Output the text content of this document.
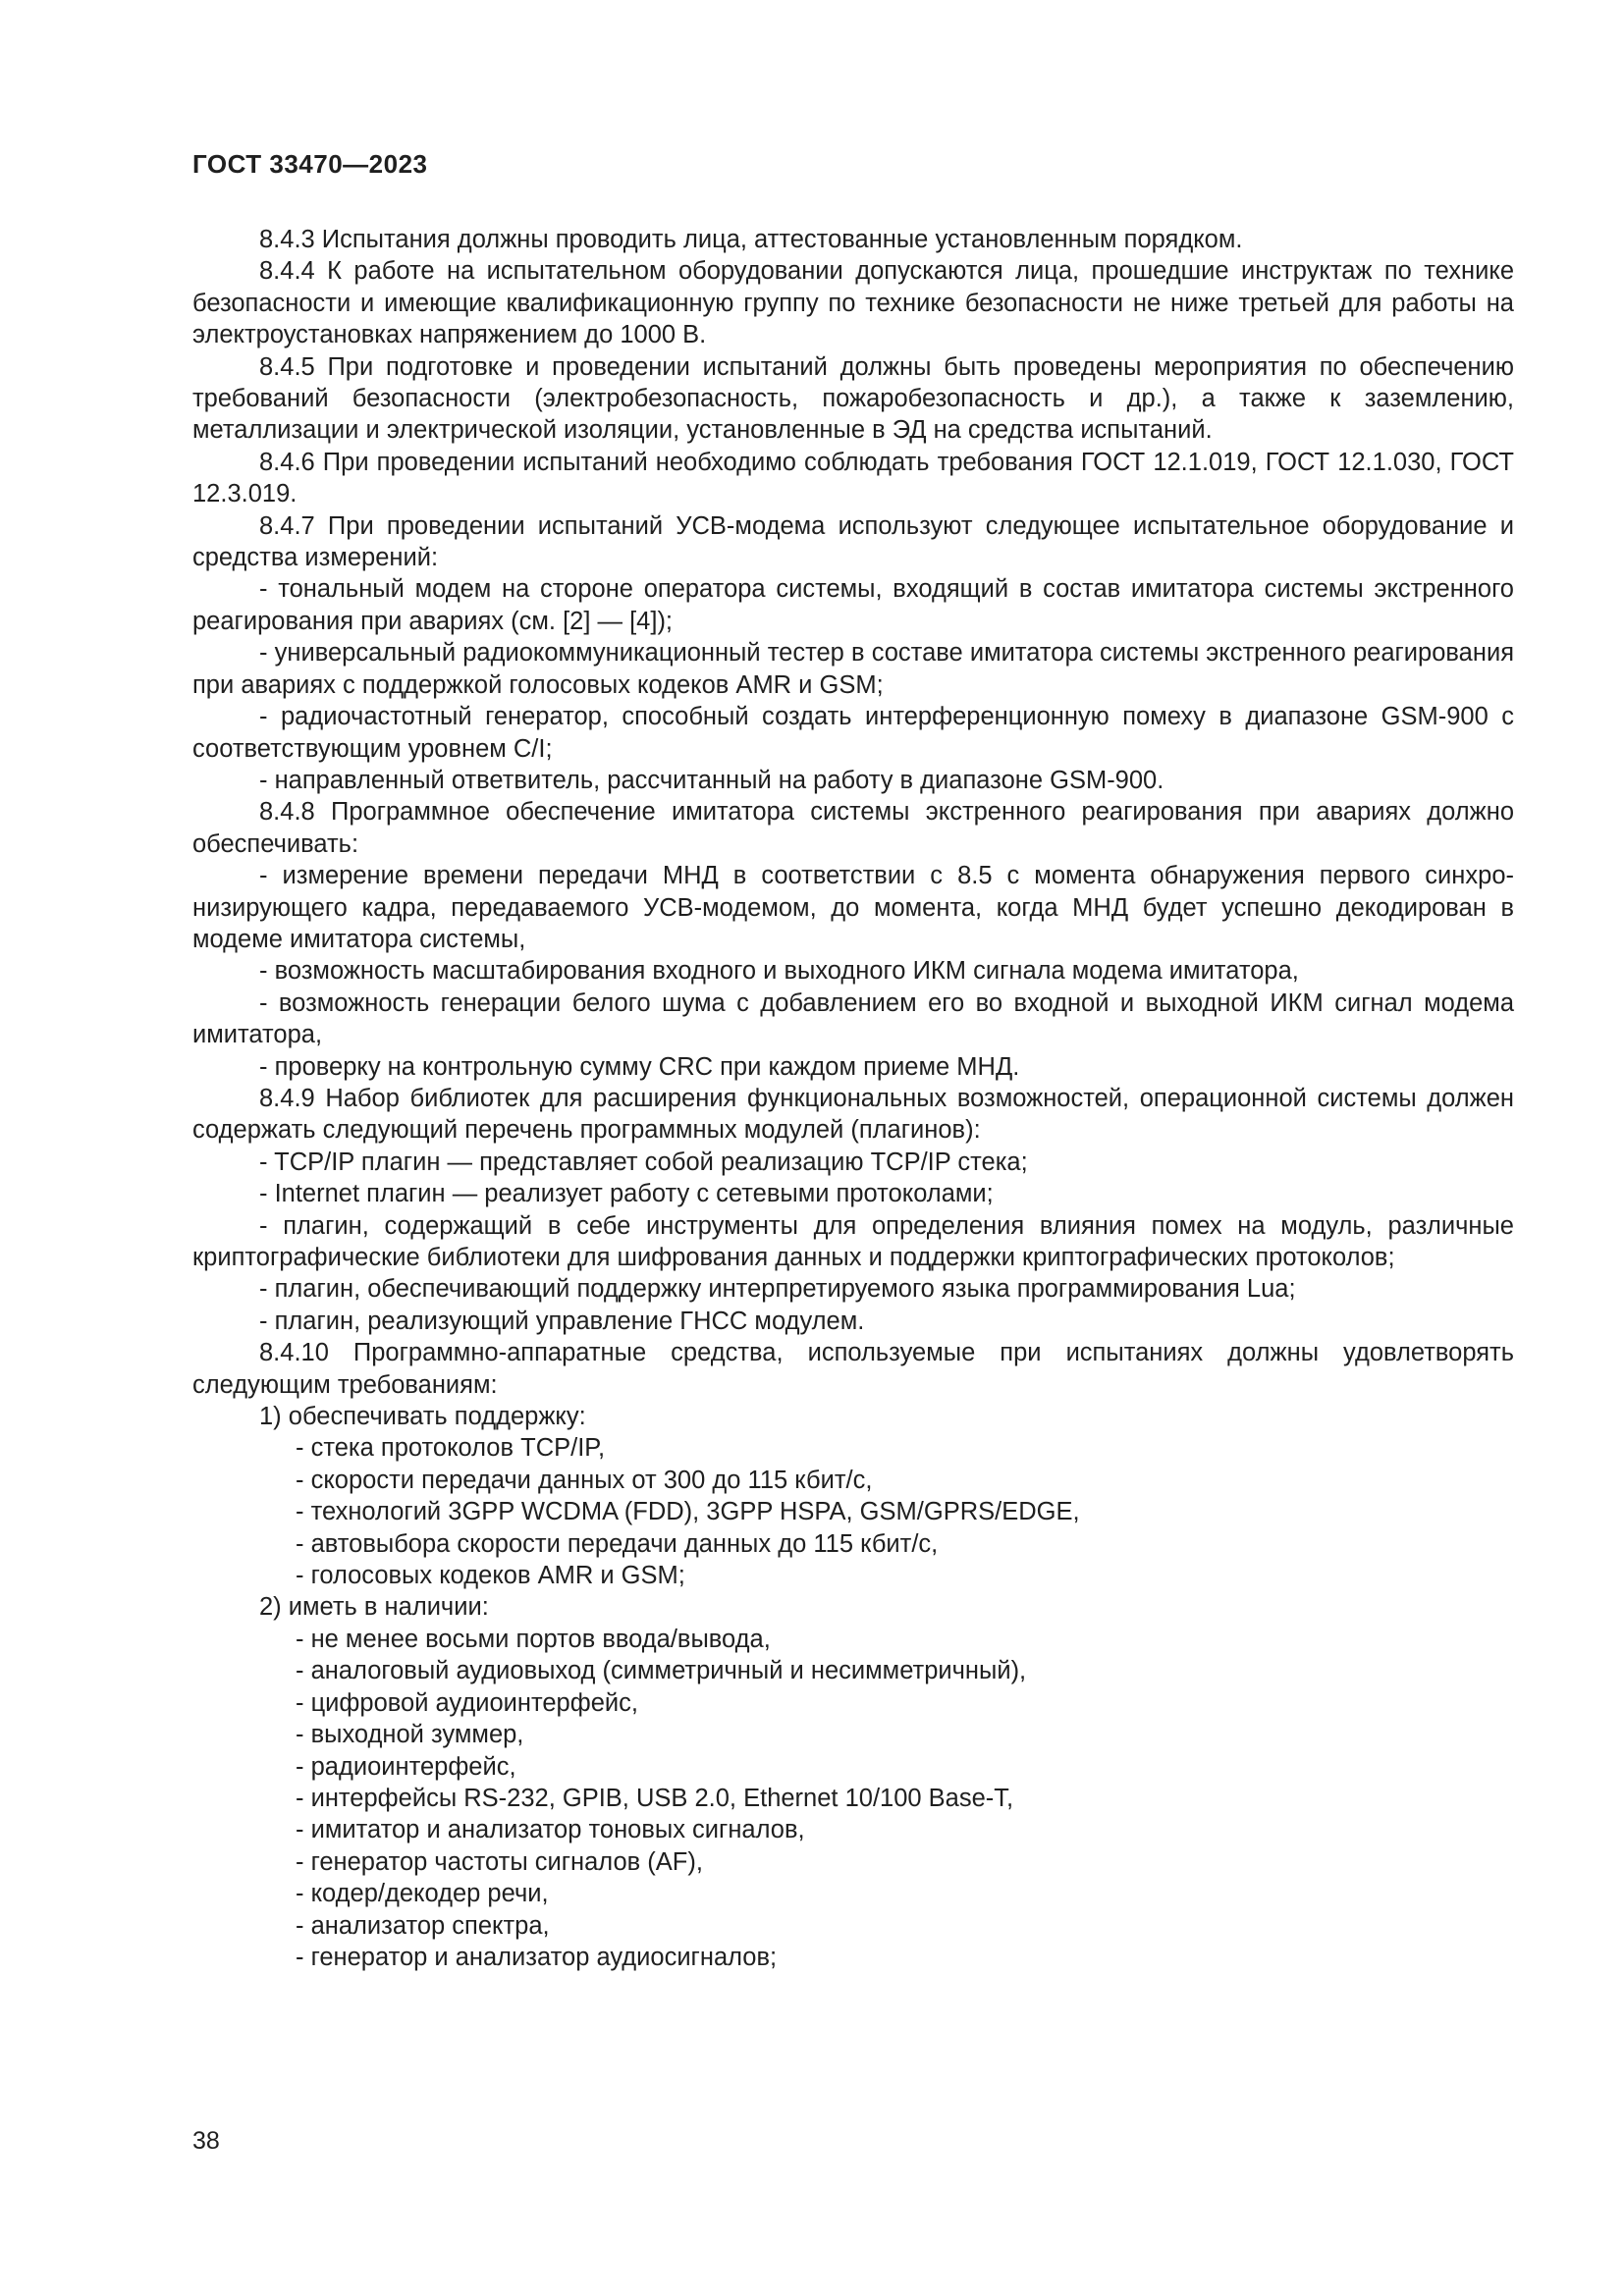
ГОСТ 33470—2023

8.4.3 Испытания должны проводить лица, аттестованные установленным порядком.

8.4.4 К работе на испытательном оборудовании допускаются лица, прошедшие инструктаж по технике безопасности и имеющие квалификационную группу по технике безопасности не ниже третьей для работы на электроустановках напряжением до 1000 В.

8.4.5 При подготовке и проведении испытаний должны быть проведены мероприятия по обеспечению требований безопасности (электробезопасность, пожаробезопасность и др.), а также к заземлению, металлизации и электрической изоляции, установленные в ЭД на средства испытаний.

8.4.6 При проведении испытаний необходимо соблюдать требования ГОСТ 12.1.019, ГОСТ 12.1.030, ГОСТ 12.3.019.

8.4.7 При проведении испытаний УСВ-модема используют следующее испытательное оборудование и средства измерений:

- тональный модем на стороне оператора системы, входящий в состав имитатора системы экстренного реагирования при авариях (см. [2] — [4]);

- универсальный радиокоммуникационный тестер в составе имитатора системы экстренного реагирования при авариях с поддержкой голосовых кодеков AMR и GSM;

- радиочастотный генератор, способный создать интерференционную помеху в диапазоне GSM-900 с соответствующим уровнем C/I;

- направленный ответвитель, рассчитанный на работу в диапазоне GSM-900.

8.4.8 Программное обеспечение имитатора системы экстренного реагирования при авариях должно обеспечивать:

- измерение времени передачи МНД в соответствии с 8.5 с момента обнаружения первого синхронизирующего кадра, передаваемого УСВ-модемом, до момента, когда МНД будет успешно декодирован в модеме имитатора системы,

- возможность масштабирования входного и выходного ИКМ сигнала модема имитатора,

- возможность генерации белого шума с добавлением его во входной и выходной ИКМ сигнал модема имитатора,

- проверку на контрольную сумму CRC при каждом приеме МНД.

8.4.9 Набор библиотек для расширения функциональных возможностей, операционной системы должен содержать следующий перечень программных модулей (плагинов):

- TCP/IP плагин — представляет собой реализацию TCP/IP стека;

- Internet плагин — реализует работу с сетевыми протоколами;

- плагин, содержащий в себе инструменты для определения влияния помех на модуль, различные криптографические библиотеки для шифрования данных и поддержки криптографических протоколов;

- плагин, обеспечивающий поддержку интерпретируемого языка программирования Lua;

- плагин, реализующий управление ГНСС модулем.

8.4.10 Программно-аппаратные средства, используемые при испытаниях должны удовлетворять следующим требованиям:

1) обеспечивать поддержку:

- стека протоколов TCP/IP,

- скорости передачи данных от 300 до 115 кбит/с,

- технологий 3GPP WCDMA (FDD), 3GPP HSPA, GSM/GPRS/EDGE,

- автовыбора скорости передачи данных до 115 кбит/с,

- голосовых кодеков AMR и GSM;

2) иметь в наличии:

- не менее восьми портов ввода/вывода,

- аналоговый аудиовыход (симметричный и несимметричный),

- цифровой аудиоинтерфейс,

- выходной зуммер,

- радиоинтерфейс,

- интерфейсы RS-232, GPIB, USB 2.0, Ethernet 10/100 Base-T,

- имитатор и анализатор тоновых сигналов,

- генератор частоты сигналов (AF),

- кодер/декодер речи,

- анализатор спектра,

- генератор и анализатор аудиосигналов;

38
